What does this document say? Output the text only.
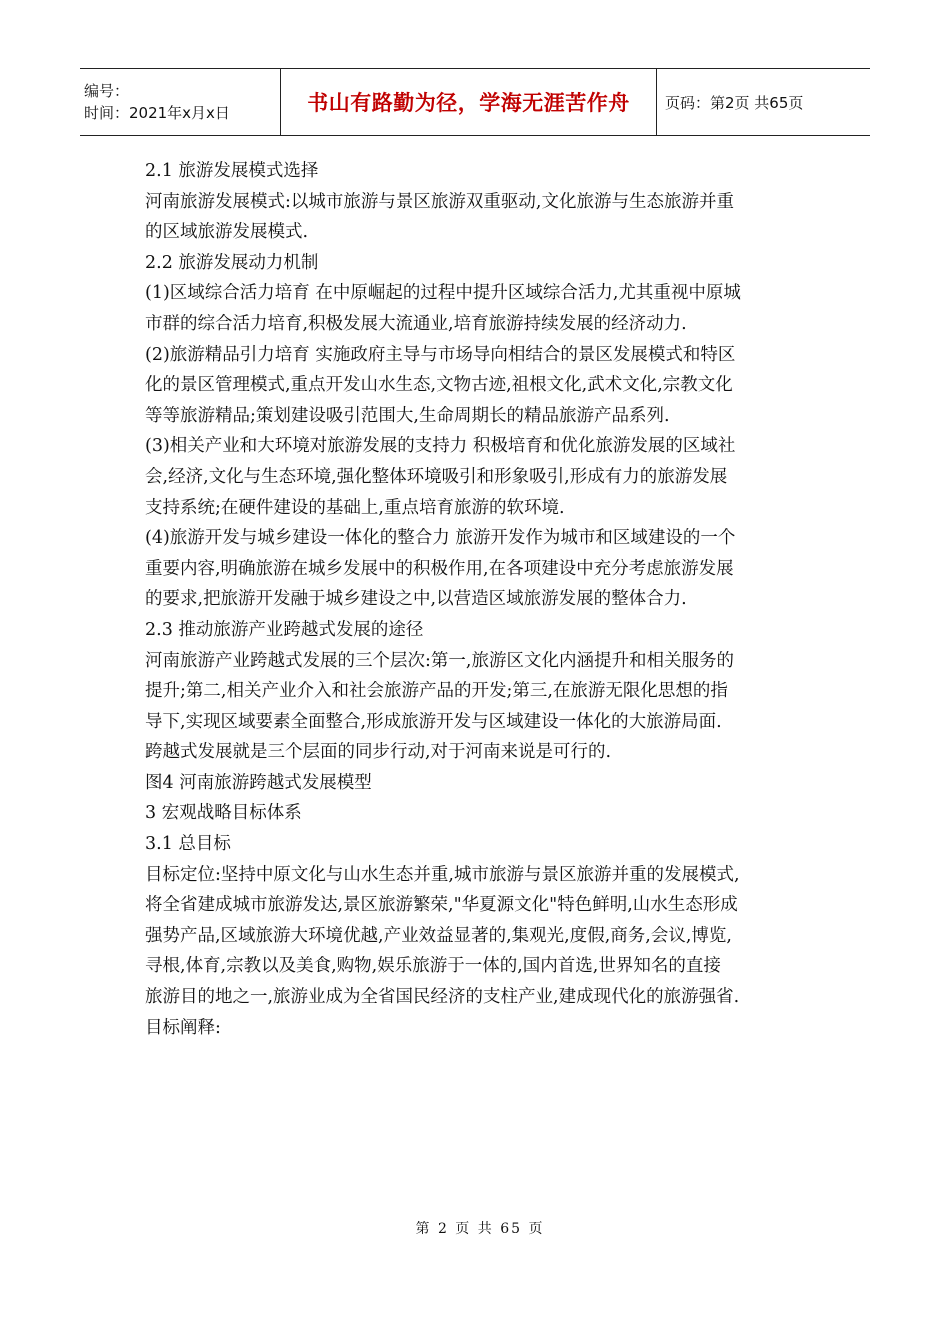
编号：
时间：2021年x月x日	书山有路勤为径，学海无涯苦作舟 页码：第2页 共65页

2.1 旅游发展模式选择

河南旅游发展模式:以城市旅游与景区旅游双重驱动,文化旅游与生态旅游并重

的区域旅游发展模式.

2.2 旅游发展动力机制

(1)区域综合活力培育 在中原崛起的过程中提升区域综合活力,尤其重视中原城

市群的综合活力培育,积极发展大流通业,培育旅游持续发展的经济动力.

(2)旅游精品引力培育 实施政府主导与市场导向相结合的景区发展模式和特区

化的景区管理模式,重点开发山水生态,文物古迹,祖根文化,武术文化,宗教文化

等等旅游精品;策划建设吸引范围大,生命周期长的精品旅游产品系列.

(3)相关产业和大环境对旅游发展的支持力 积极培育和优化旅游发展的区域社

会,经济,文化与生态环境,强化整体环境吸引和形象吸引,形成有力的旅游发展

支持系统;在硬件建设的基础上,重点培育旅游的软环境.

(4)旅游开发与城乡建设一体化的整合力 旅游开发作为城市和区域建设的一个

重要内容,明确旅游在城乡发展中的积极作用,在各项建设中充分考虑旅游发展

的要求,把旅游开发融于城乡建设之中,以营造区域旅游发展的整体合力.

2.3 推动旅游产业跨越式发展的途径

河南旅游产业跨越式发展的三个层次:第一,旅游区文化内涵提升和相关服务的

提升;第二,相关产业介入和社会旅游产品的开发;第三,在旅游无限化思想的指

导下,实现区域要素全面整合,形成旅游开发与区域建设一体化的大旅游局面.

跨越式发展就是三个层面的同步行动,对于河南来说是可行的.

图4 河南旅游跨越式发展模型

3 宏观战略目标体系

3.1 总目标

目标定位:坚持中原文化与山水生态并重,城市旅游与景区旅游并重的发展模式,

将全省建成城市旅游发达,景区旅游繁荣,"华夏源文化"特色鲜明,山水生态形成

强势产品,区域旅游大环境优越,产业效益显著的,集观光,度假,商务,会议,博览,

寻根,体育,宗教以及美食,购物,娱乐旅游于一体的,国内首选,世界知名的直接

旅游目的地之一,旅游业成为全省国民经济的支柱产业,建成现代化的旅游强省.

目标阐释:

第 2 页 共 65 页
